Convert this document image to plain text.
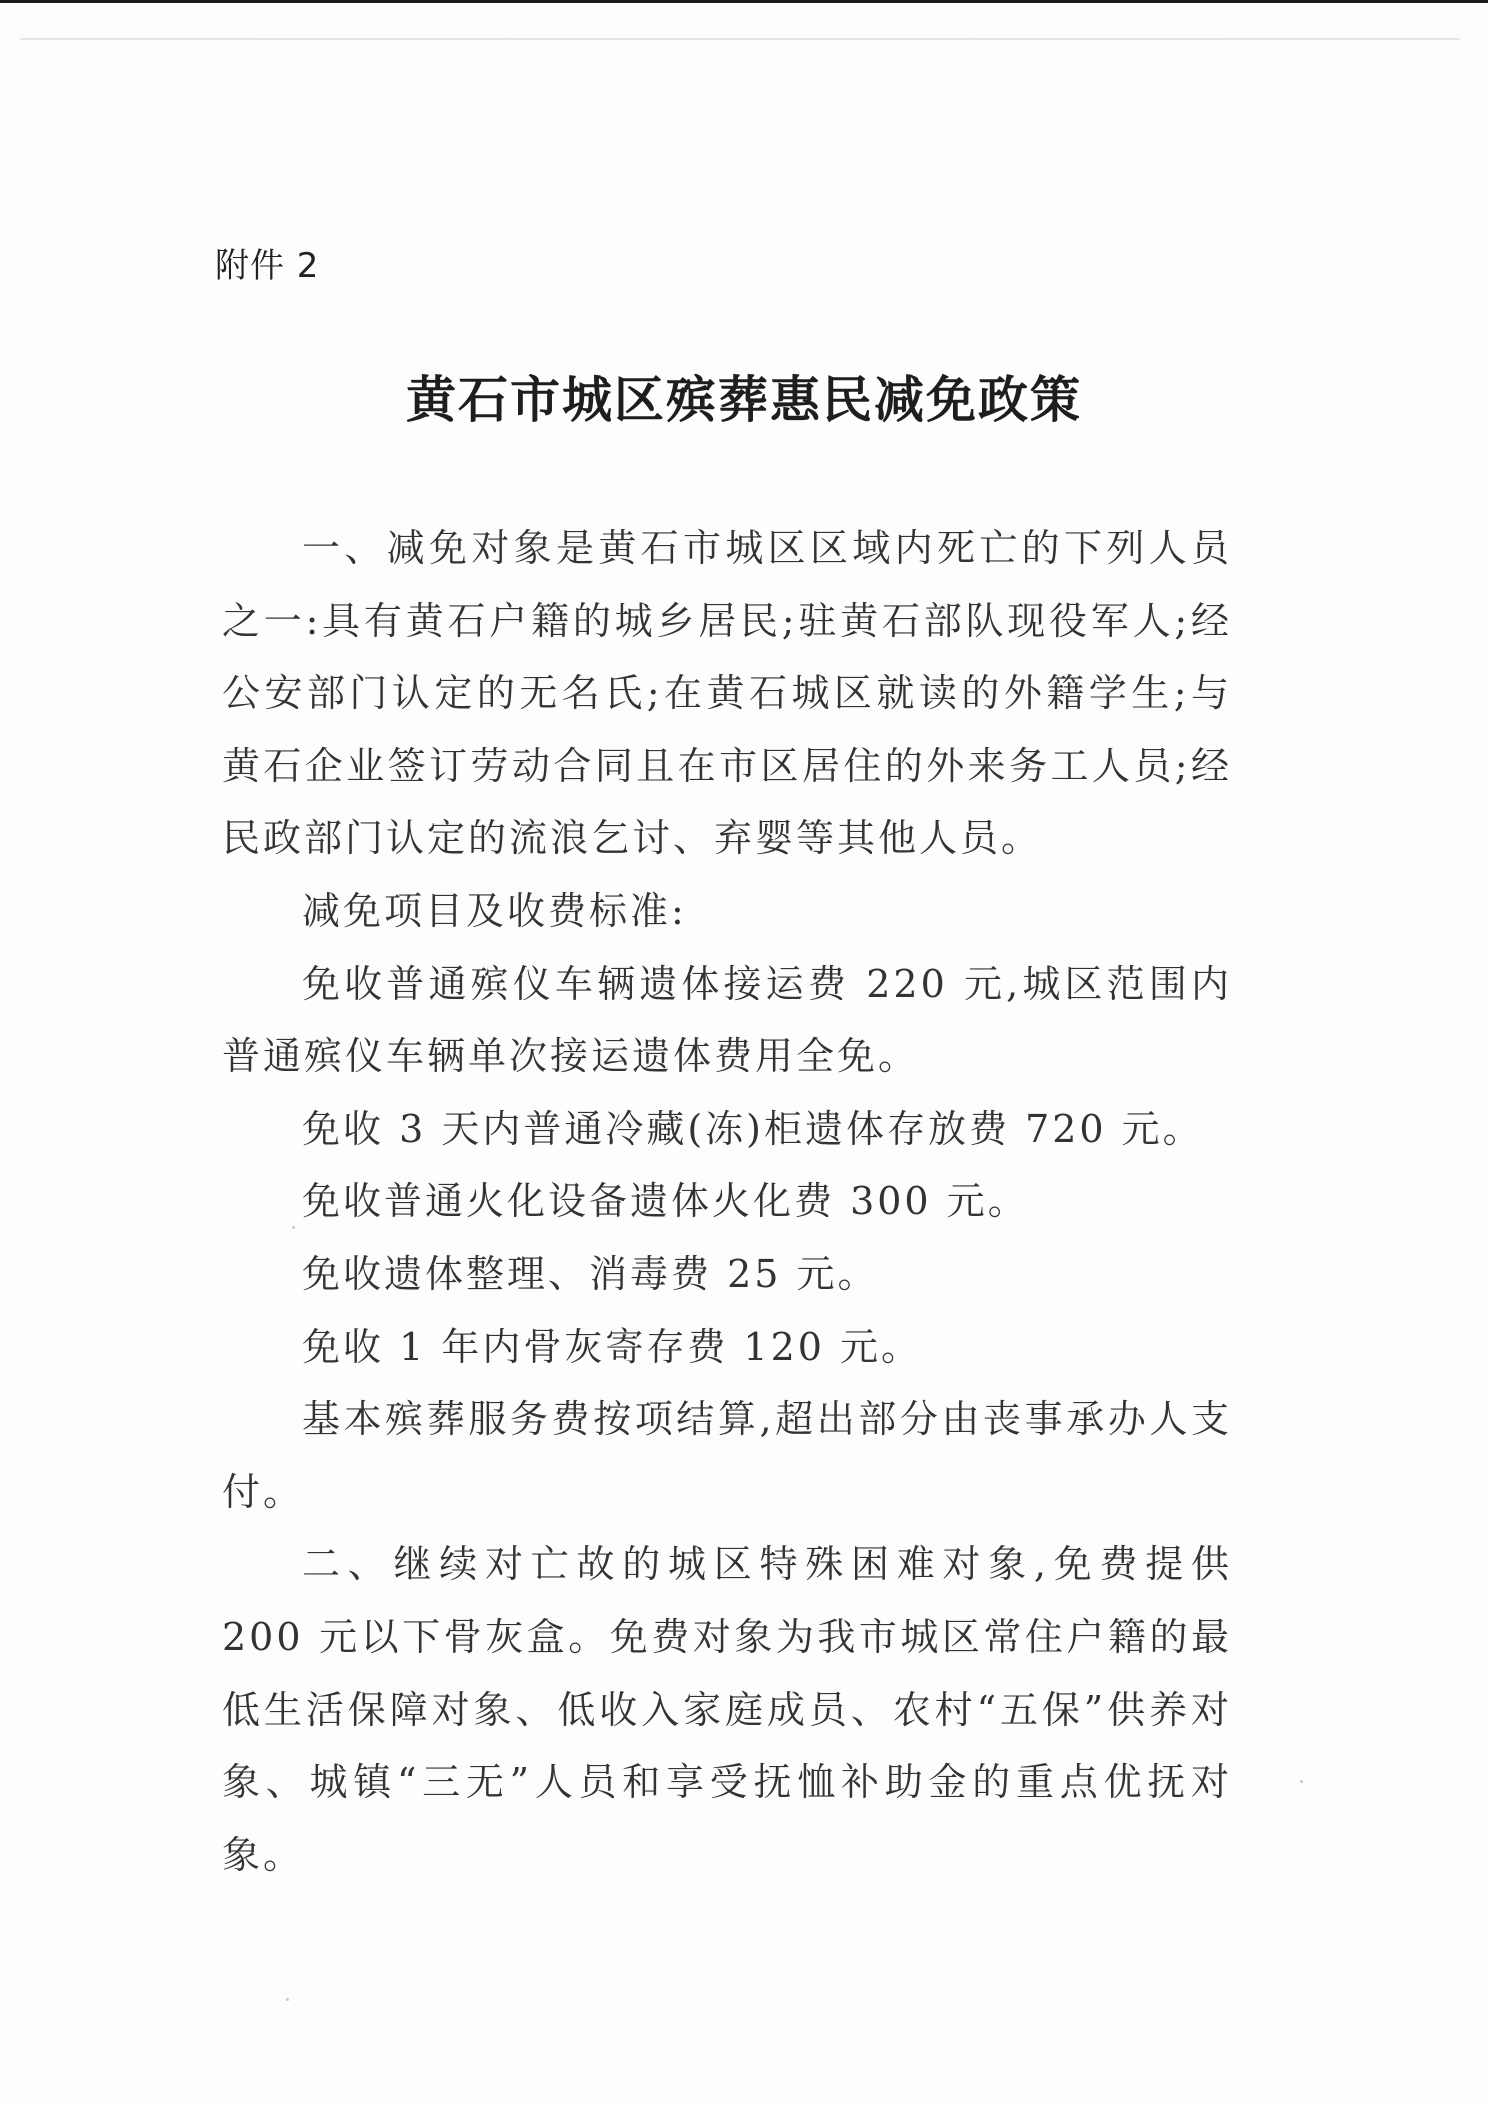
附件 2
黄石市城区殡葬惠民减免政策

一、减免对象是黄石市城区区域内死亡的下列人员之一:具有黄石户籍的城乡居民;驻黄石部队现役军人;经公安部门认定的无名氏;在黄石城区就读的外籍学生;与黄石企业签订劳动合同且在市区居住的外来务工人员;经民政部门认定的流浪乞讨、弃婴等其他人员。

减免项目及收费标准:

免收普通殡仪车辆遗体接运费 220 元,城区范围内普通殡仪车辆单次接运遗体费用全免。

免收 3 天内普通冷藏(冻)柜遗体存放费 720 元。

免收普通火化设备遗体火化费 300 元。

免收遗体整理、消毒费 25 元。

免收 1 年内骨灰寄存费 120 元。

基本殡葬服务费按项结算,超出部分由丧事承办人支付。

二、继续对亡故的城区特殊困难对象,免费提供 200 元以下骨灰盒。免费对象为我市城区常住户籍的最低生活保障对象、低收入家庭成员、农村“五保”供养对象、城镇“三无”人员和享受抚恤补助金的重点优抚对象。
